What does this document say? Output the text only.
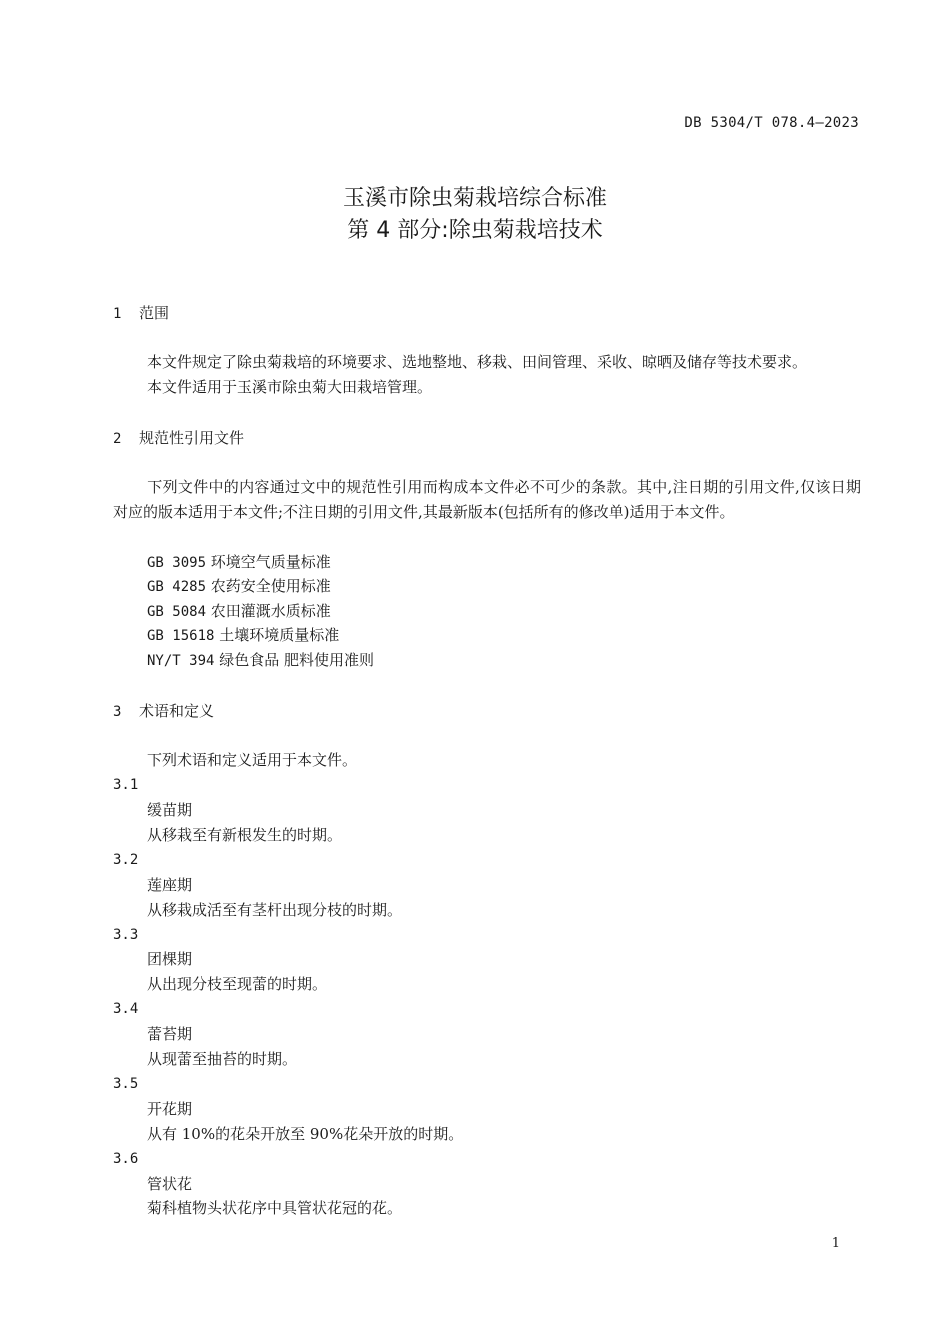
DB 5304/T 078.4—2023
玉溪市除虫菊栽培综合标准
第 4 部分:除虫菊栽培技术
1 范围
本文件规定了除虫菊栽培的环境要求、选地整地、移栽、田间管理、采收、晾晒及储存等技术要求。
本文件适用于玉溪市除虫菊大田栽培管理。
2 规范性引用文件
下列文件中的内容通过文中的规范性引用而构成本文件必不可少的条款。其中,注日期的引用文件,仅该日期对应的版本适用于本文件;不注日期的引用文件,其最新版本(包括所有的修改单)适用于本文件。
GB 3095 环境空气质量标准
GB 4285 农药安全使用标准
GB 5084 农田灌溉水质标准
GB 15618 土壤环境质量标准
NY/T 394 绿色食品 肥料使用准则
3 术语和定义
下列术语和定义适用于本文件。
3.1
缓苗期
从移栽至有新根发生的时期。
3.2
莲座期
从移栽成活至有茎杆出现分枝的时期。
3.3
团棵期
从出现分枝至现蕾的时期。
3.4
蕾苔期
从现蕾至抽苔的时期。
3.5
开花期
从有 10%的花朵开放至 90%花朵开放的时期。
3.6
管状花
菊科植物头状花序中具管状花冠的花。
1
